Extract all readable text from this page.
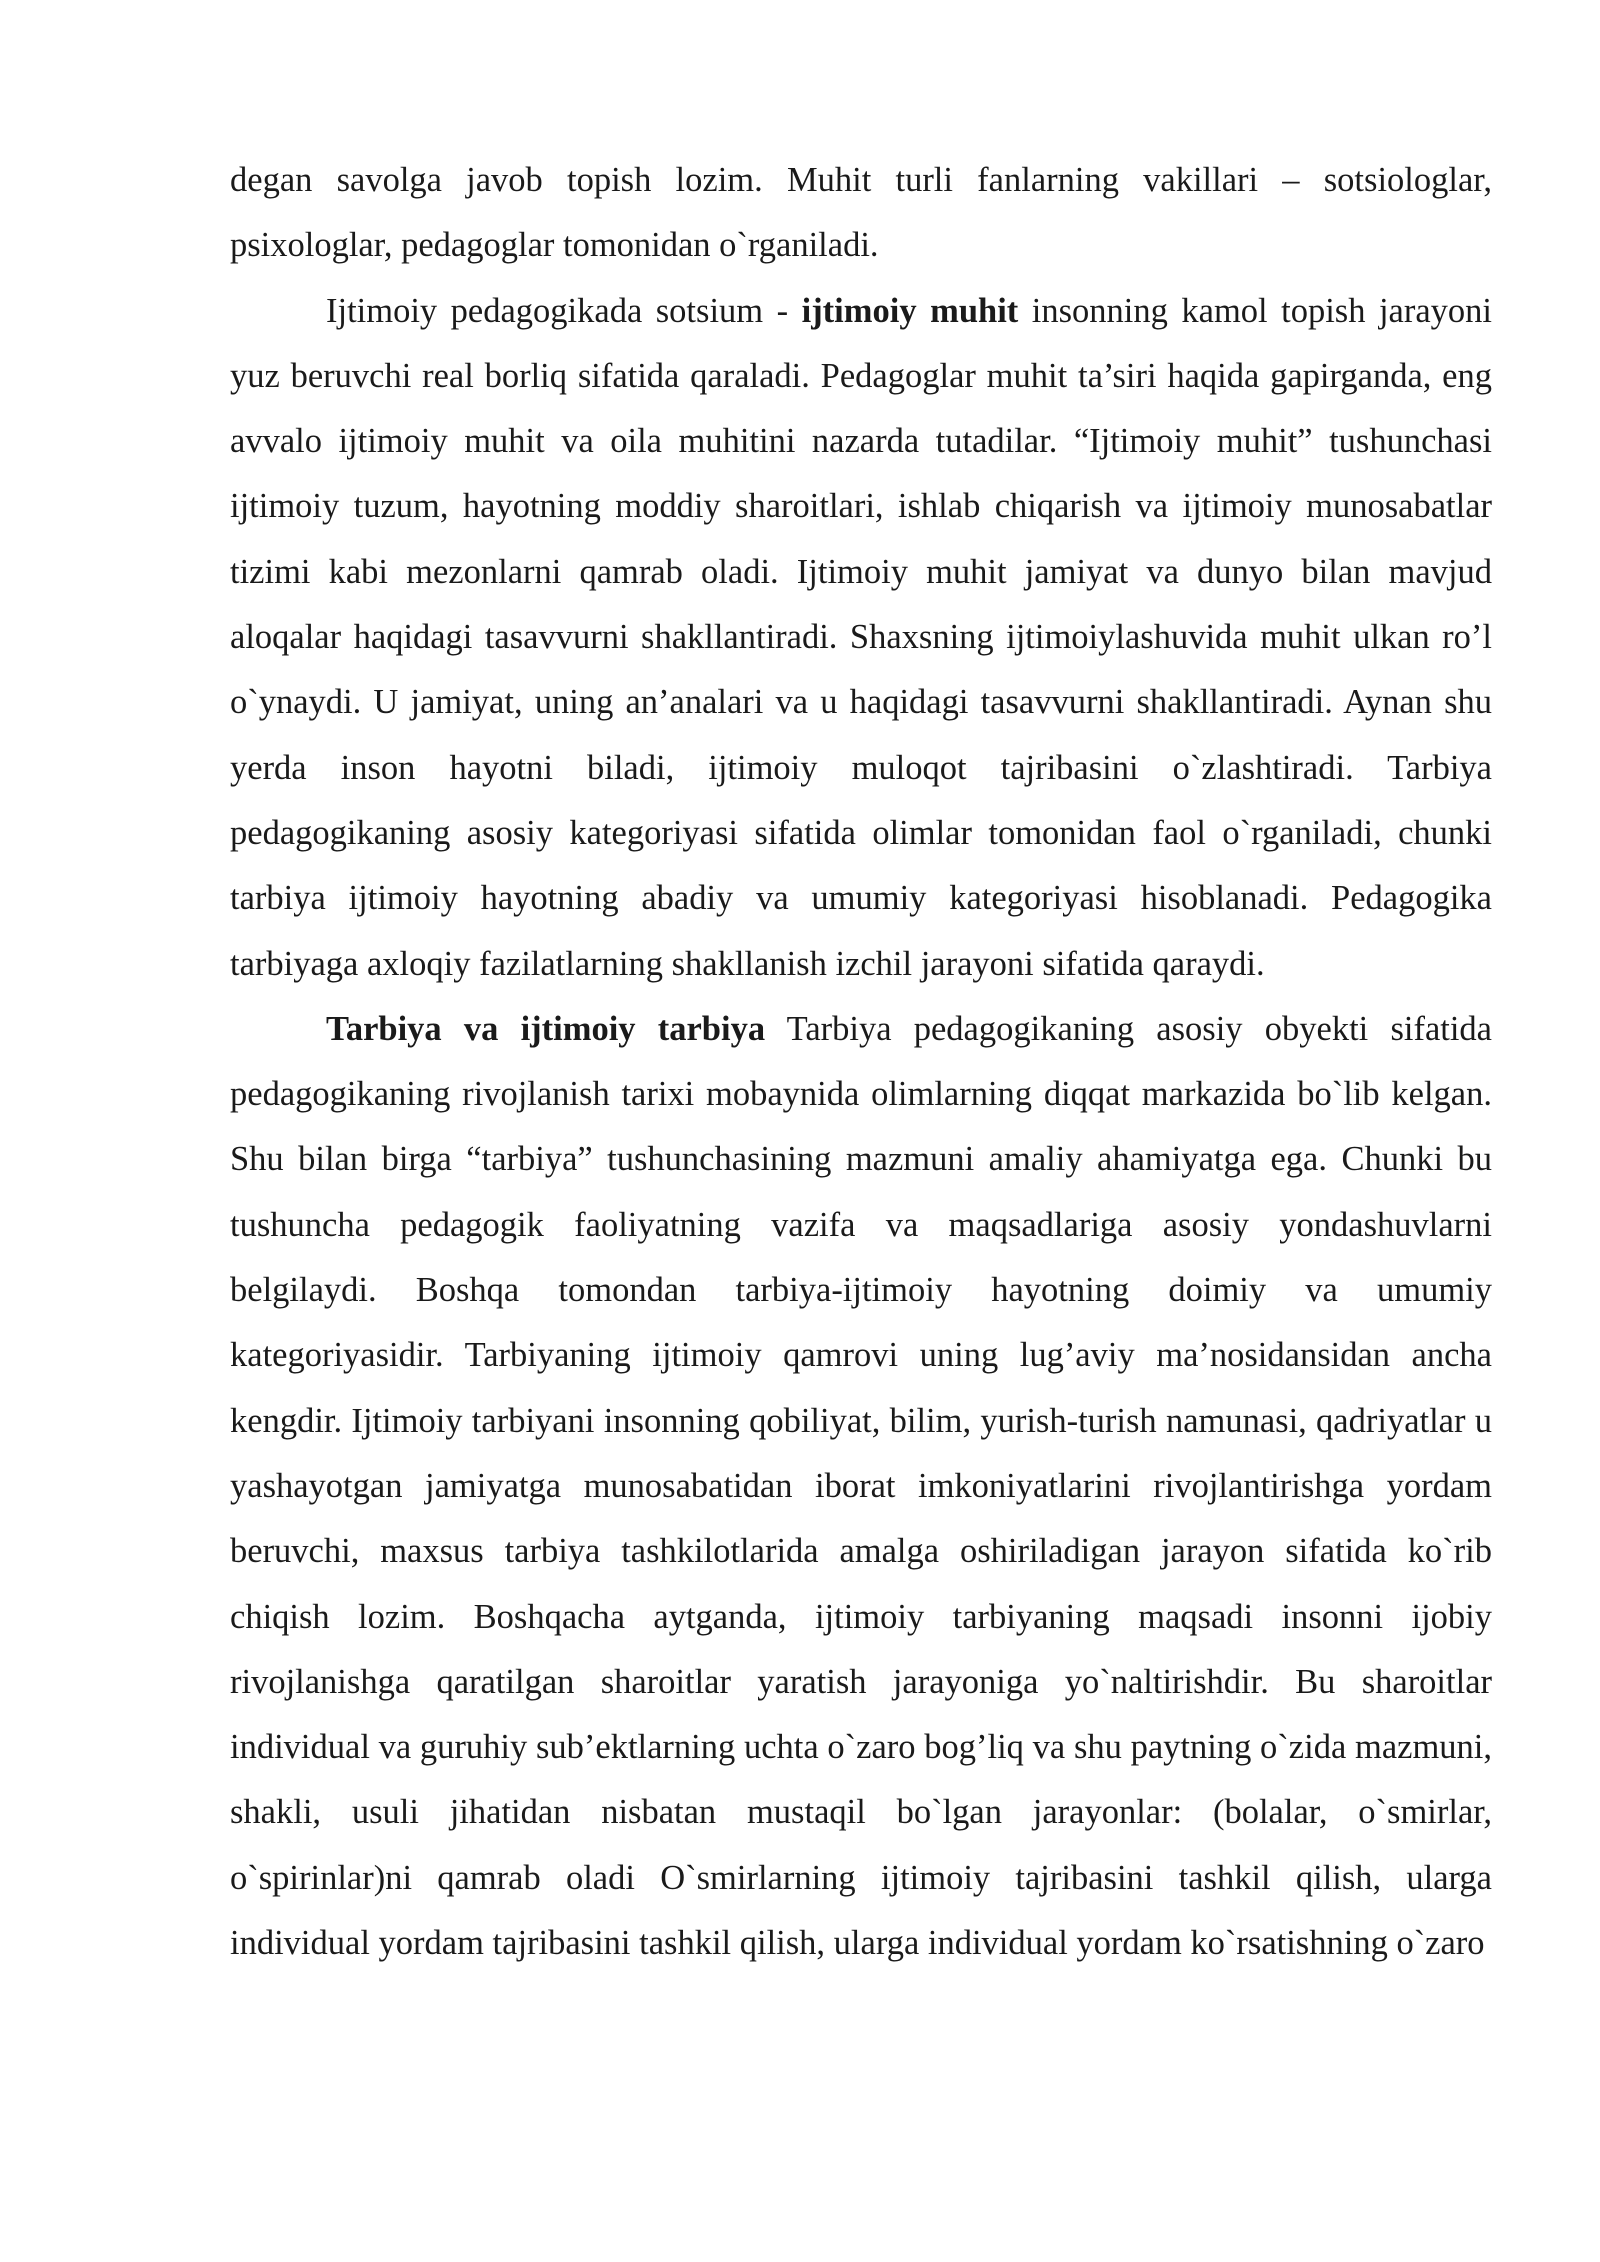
degan savolga javob topish lozim. Muhit turli fanlarning vakillari – sotsiologlar, psixologlar, pedagoglar tomonidan o`rganiladi.

Ijtimoiy pedagogikada sotsium - ijtimoiy muhit insonning kamol topish jarayoni yuz beruvchi real borliq sifatida qaraladi. Pedagoglar muhit ta’siri haqida gapirganda, eng avvalo ijtimoiy muhit va oila muhitini nazarda tutadilar. “Ijtimoiy muhit” tushunchasi ijtimoiy tuzum, hayotning moddiy sharoitlari, ishlab chiqarish va ijtimoiy munosabatlar tizimi kabi mezonlarni qamrab oladi. Ijtimoiy muhit jamiyat va dunyo bilan mavjud aloqalar haqidagi tasavvurni shakllantiradi. Shaxsning ijtimoiylashuvida muhit ulkan ro’l o`ynaydi. U jamiyat, uning an’analari va u haqidagi tasavvurni shakllantiradi. Aynan shu yerda inson hayotni biladi, ijtimoiy muloqot tajribasini o`zlashtiradi. Tarbiya pedagogikaning asosiy kategoriyasi sifatida olimlar tomonidan faol o`rganiladi, chunki tarbiya ijtimoiy hayotning abadiy va umumiy kategoriyasi hisoblanadi. Pedagogika tarbiyaga axloqiy fazilatlarning shakllanish izchil jarayoni sifatida qaraydi.

Tarbiya va ijtimoiy tarbiya Tarbiya pedagogikaning asosiy obyekti sifatida pedagogikaning rivojlanish tarixi mobaynida olimlarning diqqat markazida bo`lib kelgan. Shu bilan birga “tarbiya” tushunchasining mazmuni amaliy ahamiyatga ega. Chunki bu tushuncha pedagogik faoliyatning vazifa va maqsadlariga asosiy yondashuvlarni belgilaydi. Boshqa tomondan tarbiya-ijtimoiy hayotning doimiy va umumiy kategoriyasidir. Tarbiyaning ijtimoiy qamrovi uning lug’aviy ma’nosidansidan ancha kengdir. Ijtimoiy tarbiyani insonning qobiliyat, bilim, yurish-turish namunasi, qadriyatlar u yashayotgan jamiyatga munosabatidan iborat imkoniyatlarini rivojlantirishga yordam beruvchi, maxsus tarbiya tashkilotlarida amalga oshiriladigan jarayon sifatida ko`rib chiqish lozim. Boshqacha aytganda, ijtimoiy tarbiyaning maqsadi insonni ijobiy rivojlanishga qaratilgan sharoitlar yaratish jarayoniga yo`naltirishdir. Bu sharoitlar individual va guruhiy sub’ektlarning uchta o`zaro bog’liq va shu paytning o`zida mazmuni, shakli, usuli jihatidan nisbatan mustaqil bo`lgan jarayonlar: (bolalar, o`smirlar, o`spirinlar)ni qamrab oladi O`smirlarning ijtimoiy tajribasini tashkil qilish, ularga individual yordam tajribasini tashkil qilish, ularga individual yordam ko`rsatishning o`zaro
